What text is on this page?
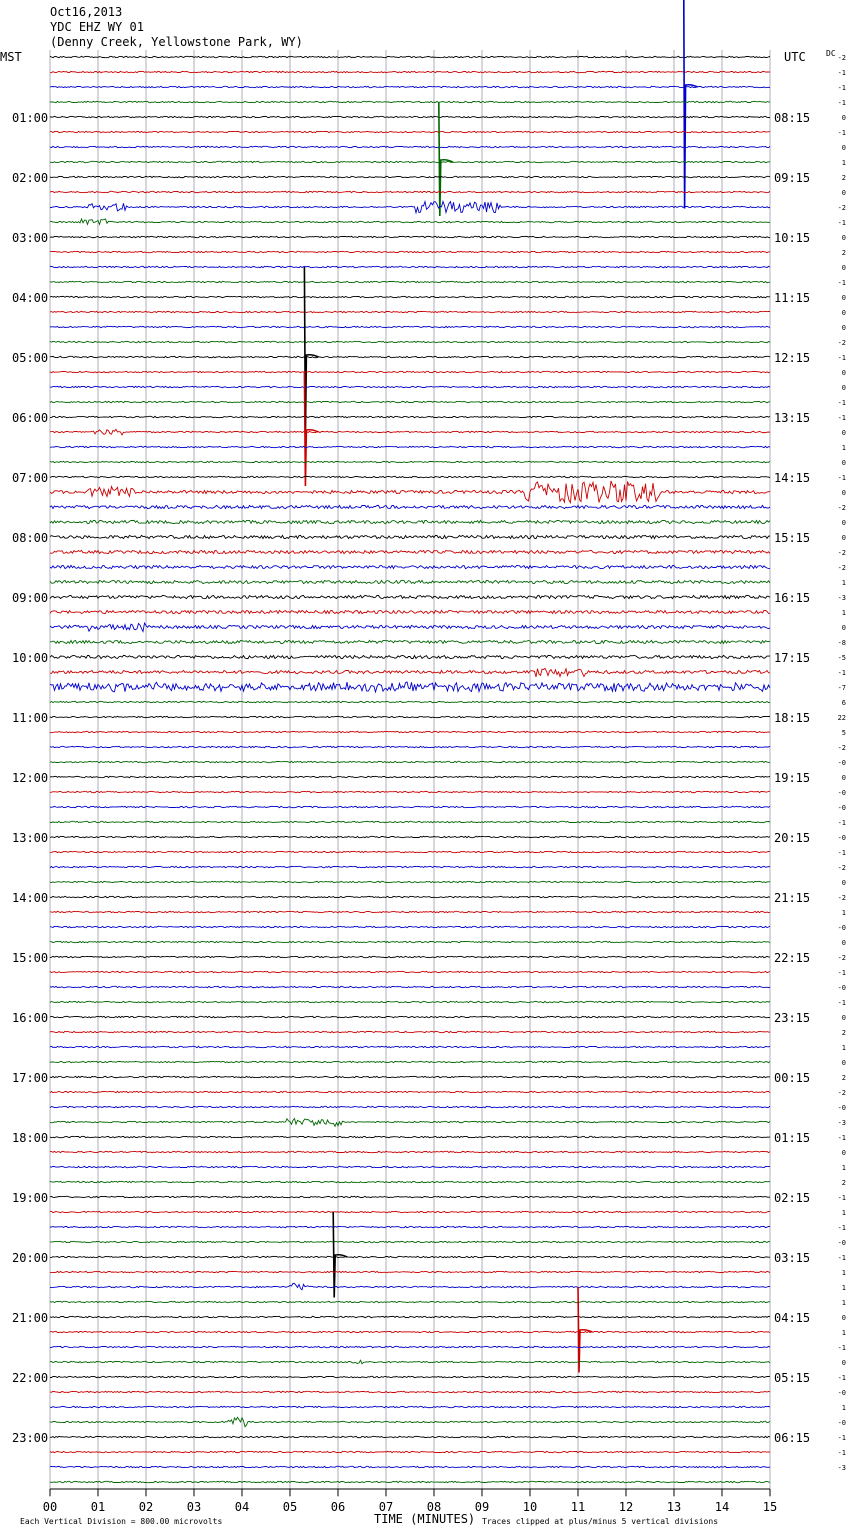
Oct16,2013
YDC EHZ WY 01
(Denny Creek, Yellowstone Park, WY)
MST	UTC	DC
00	01	02	03	04	05	06	07	08	09	10	11	12	13	14	15
-2
-1
-1
-1
0
-1
0
1
2
0
-2
-1
0
2
0
-1
0
0
0
-2
-1
0
0
-1
-1
0
1
0
-1
0
-2
0
0
-2
-2
1
-3
1
0
-8
-5
-1
-7
6
22
5
-2
-0
0
-0
-0
-1
-0
-1
-2
0
-2
1
-0
0
-2
-1
-0
-1
0
2
1
0
2
-2
-0
-3
-1
0
1
2
-1
1
-1
-0
-1
1
1
1
0
1
-1
0
-1
-0
1
-0
-1
-1
-3
01:00	08:15
02:00	09:15
03:00	10:15
04:00	11:15
05:00	12:15
06:00	13:15
07:00	14:15
08:00	15:15
09:00	16:15
10:00	17:15
11:00	18:15
12:00	19:15
13:00	20:15
14:00	21:15
15:00	22:15
16:00	23:15
17:00	00:15
18:00	01:15
19:00	02:15
20:00	03:15
21:00	04:15
22:00	05:15
23:00	06:15
Each Vertical Division = 800.00 microvolts	TIME (MINUTES) Traces clipped at plus/minus 5 vertical divisions
